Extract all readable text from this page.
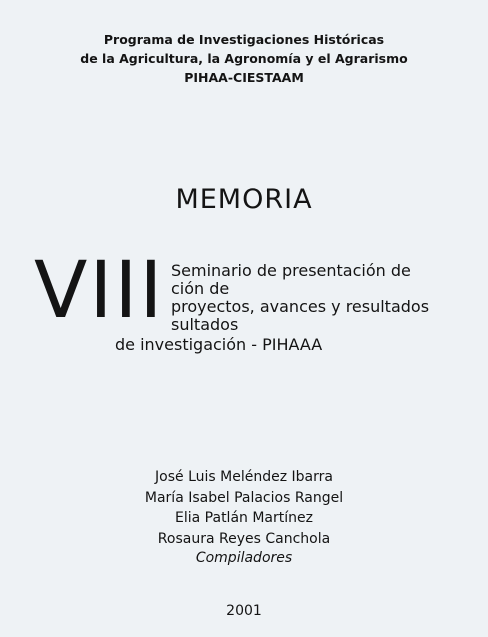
Programa de Investigaciones Históricas
de la Agricultura, la Agronomía y el Agrarismo
PIHAA-CIESTAAM
MEMORIA
VIII Seminario de presentación de
ción de
proyectos, avances y resultados
sultados
de investigación - PIHAAA
José Luis Meléndez Ibarra
María Isabel Palacios Rangel
Elia Patlán Martínez
Rosaura Reyes Canchola
Compiladores
2001
